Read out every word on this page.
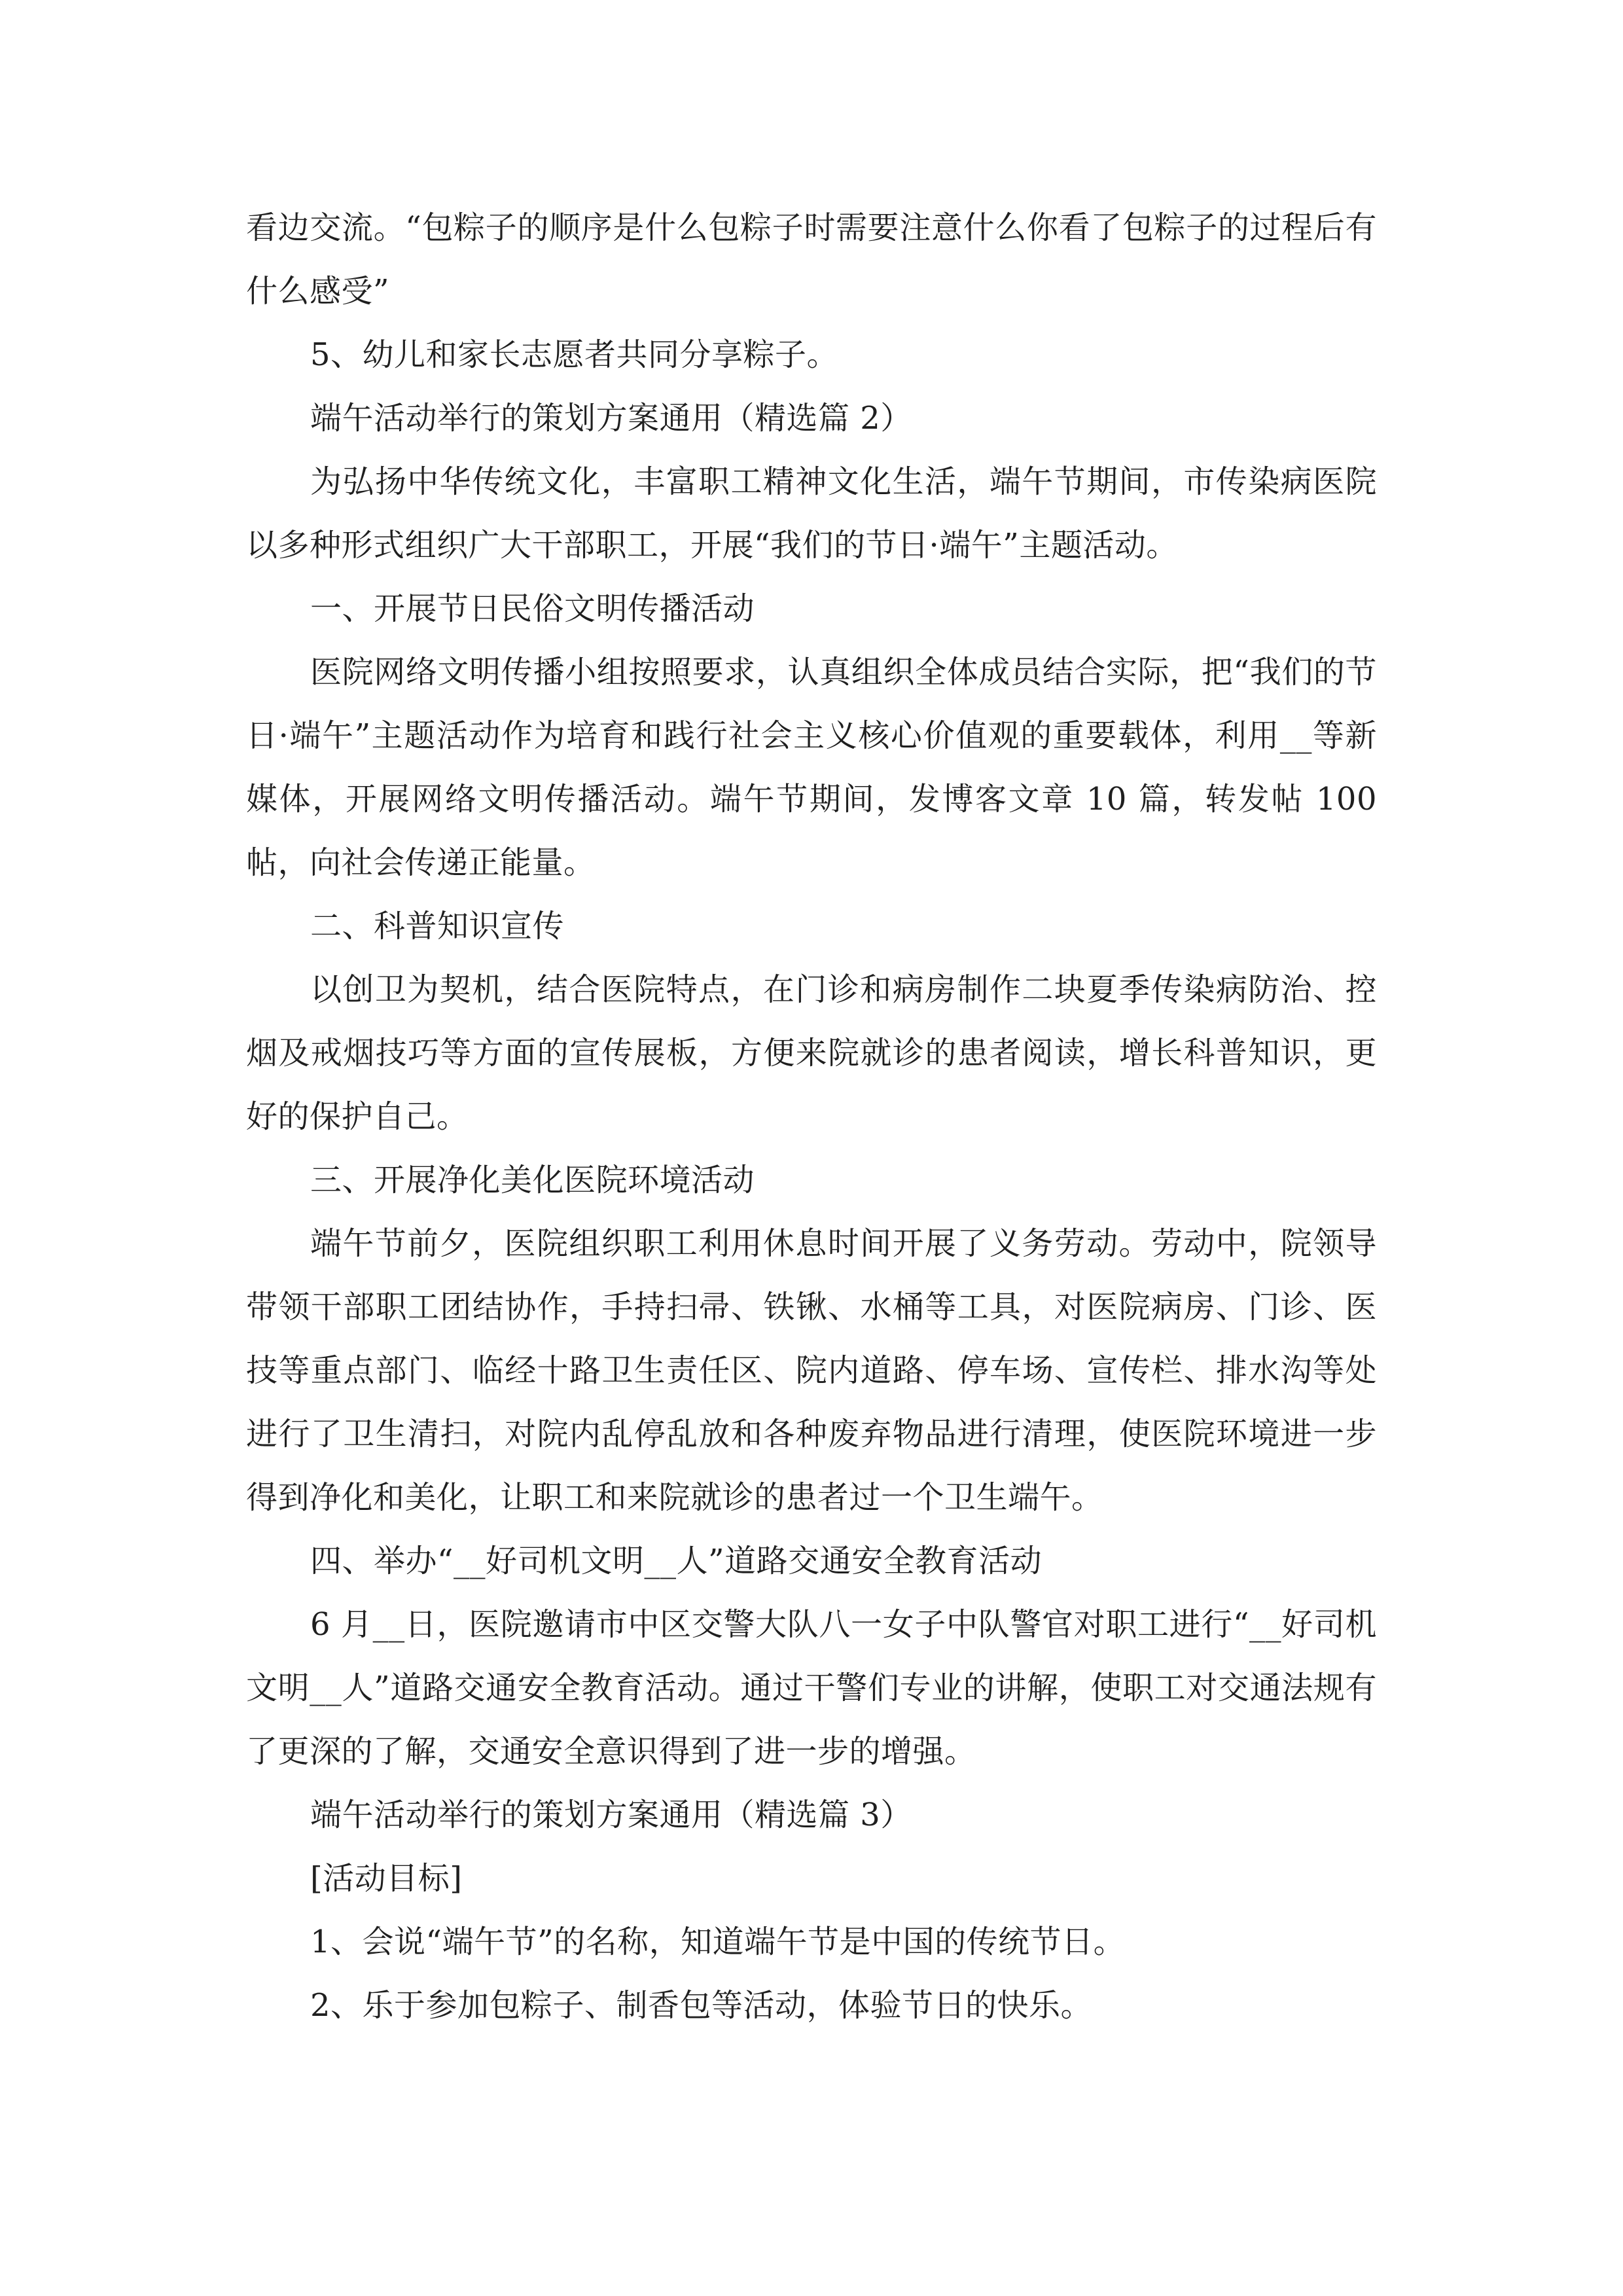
看边交流。“包粽子的顺序是什么包粽子时需要注意什么你看了包粽子的过程后有什么感受”

5、幼儿和家长志愿者共同分享粽子。

端午活动举行的策划方案通用（精选篇 2）

为弘扬中华传统文化，丰富职工精神文化生活，端午节期间，市传染病医院以多种形式组织广大干部职工，开展“我们的节日·端午”主题活动。

一、开展节日民俗文明传播活动

医院网络文明传播小组按照要求，认真组织全体成员结合实际，把“我们的节日·端午”主题活动作为培育和践行社会主义核心价值观的重要载体，利用__等新媒体，开展网络文明传播活动。端午节期间，发博客文章 10 篇，转发帖 100 帖，向社会传递正能量。

二、科普知识宣传

以创卫为契机，结合医院特点，在门诊和病房制作二块夏季传染病防治、控烟及戒烟技巧等方面的宣传展板，方便来院就诊的患者阅读，增长科普知识，更好的保护自己。

三、开展净化美化医院环境活动

端午节前夕，医院组织职工利用休息时间开展了义务劳动。劳动中，院领导带领干部职工团结协作，手持扫帚、铁锹、水桶等工具，对医院病房、门诊、医技等重点部门、临经十路卫生责任区、院内道路、停车场、宣传栏、排水沟等处进行了卫生清扫，对院内乱停乱放和各种废弃物品进行清理，使医院环境进一步得到净化和美化，让职工和来院就诊的患者过一个卫生端午。

四、举办“__好司机文明__人”道路交通安全教育活动

6 月__日，医院邀请市中区交警大队八一女子中队警官对职工进行“__好司机文明__人”道路交通安全教育活动。通过干警们专业的讲解，使职工对交通法规有了更深的了解，交通安全意识得到了进一步的增强。

端午活动举行的策划方案通用（精选篇 3）

[活动目标]

1、会说“端午节”的名称，知道端午节是中国的传统节日。

2、乐于参加包粽子、制香包等活动，体验节日的快乐。
